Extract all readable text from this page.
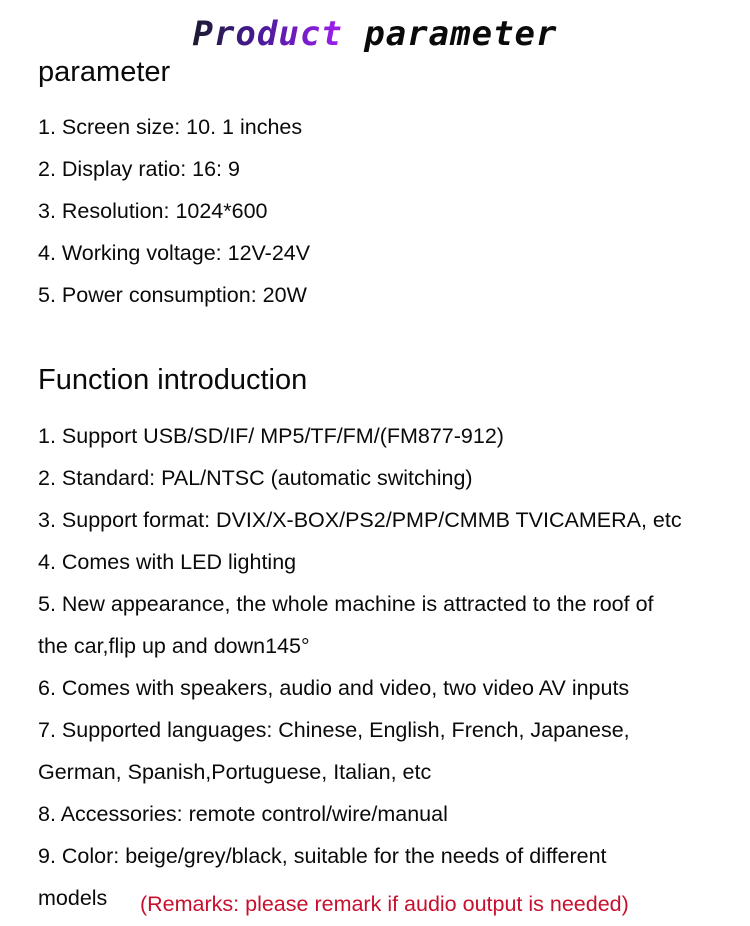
Product parameter
parameter
1. Screen size: 10. 1 inches
2. Display ratio: 16: 9
3. Resolution: 1024*600
4. Working voltage: 12V-24V
5. Power consumption: 20W
Function introduction
1. Support USB/SD/IF/ MP5/TF/FM/(FM877-912)
2. Standard: PAL/NTSC (automatic switching)
3. Support format: DVIX/X-BOX/PS2/PMP/CMMB TVICAMERA, etc
4. Comes with LED lighting
5. New appearance, the whole machine is attracted to the roof of
the car,flip up and down145°
6. Comes with speakers, audio and video, two video AV inputs
7. Supported languages: Chinese, English, French, Japanese,
German, Spanish,Portuguese, Italian, etc
8. Accessories: remote control/wire/manual
9. Color: beige/grey/black, suitable for the needs of different
models	(Remarks: please remark if audio output is needed)
